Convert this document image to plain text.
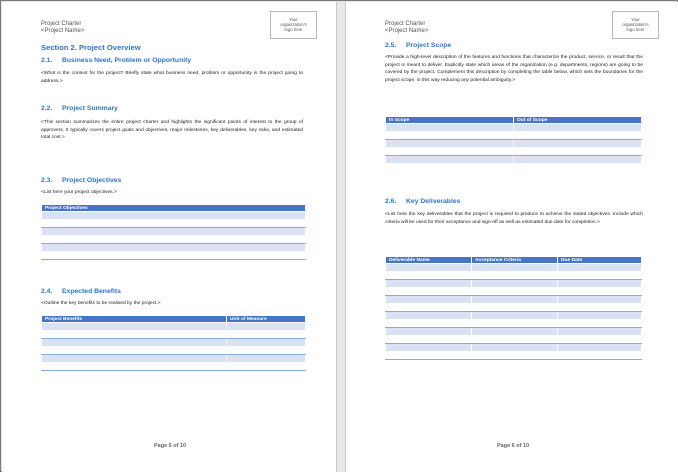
Project Charter
<Project Name>
Your
organization's
logo here
Section 2. Project Overview
2.1. Business Need, Problem or Opportunity
<What is the context for the project? Briefly state what business need, problem or opportunity is the project going to address.>
2.2. Project Summary
<This section summarizes the entire project charter and highlights the significant points of interest to the group of approvers. It typically covers project goals and objectives, major milestones, key deliverables, key risks, and estimated total cost.>
2.3. Project Objectives
<List here your project objectives.>
Project Objectives

2.4. Expected Benefits
<Outline the key benefits to be realised by the project.>
Project Benefits	Unit of Measure

Page 6 of 10
Project Charter
<Project Name>
Your
organization's
logo here
2.5. Project Scope
<Provide a high-level description of the features and functions that characterize the product, service, or result that the project is meant to deliver. Explicitly state which areas of the organization (e.g. departments, regions) are going to be covered by the project. Complement this description by completing the table below, which sets the boundaries for the project scope, in this way reducing any potential ambiguity.>
In Scope	Out of Scope

2.6. Key Deliverables
<List here the key deliverables that the project is required to produce to achieve the stated objectives. Include which criteria will be used for their acceptance and sign-off as well as estimated due date for completion.>
Deliverable Name	Acceptance Criteria	Due Date

Page 6 of 10
